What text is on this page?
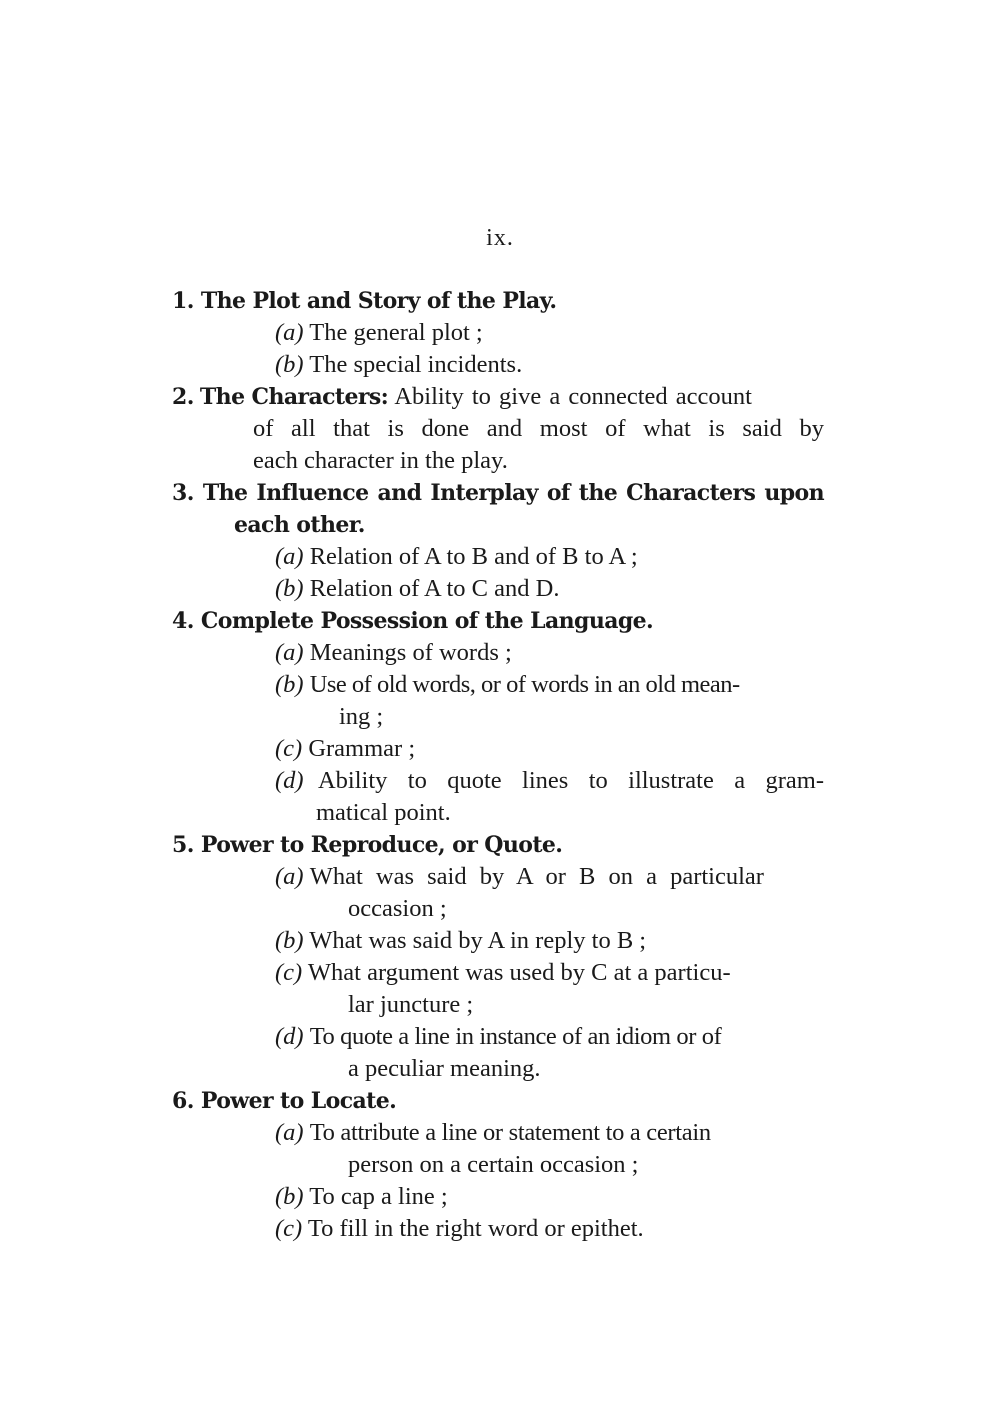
ix.
1. The Plot and Story of the Play.
(a) The general plot ;
(b) The special incidents.
2. The Characters: Ability to give a connected account
of all that is done and most of what is said by
each character in the play.
3. The Influence and Interplay of the Characters upon
each other.
(a) Relation of A to B and of B to A ;
(b) Relation of A to C and D.
4. Complete Possession of the Language.
(a) Meanings of words ;
(b) Use of old words, or of words in an old mean-
ing ;
(c) Grammar ;
(d) Ability to quote lines to illustrate a gram-
matical point.
5. Power to Reproduce, or Quote.
(a) What was said by A or B on a particular
occasion ;
(b) What was said by A in reply to B ;
(c) What argument was used by C at a particu-
lar juncture ;
(d) To quote a line in instance of an idiom or of
a peculiar meaning.
6. Power to Locate.
(a) To attribute a line or statement to a certain
person on a certain occasion ;
(b) To cap a line ;
(c) To fill in the right word or epithet.
